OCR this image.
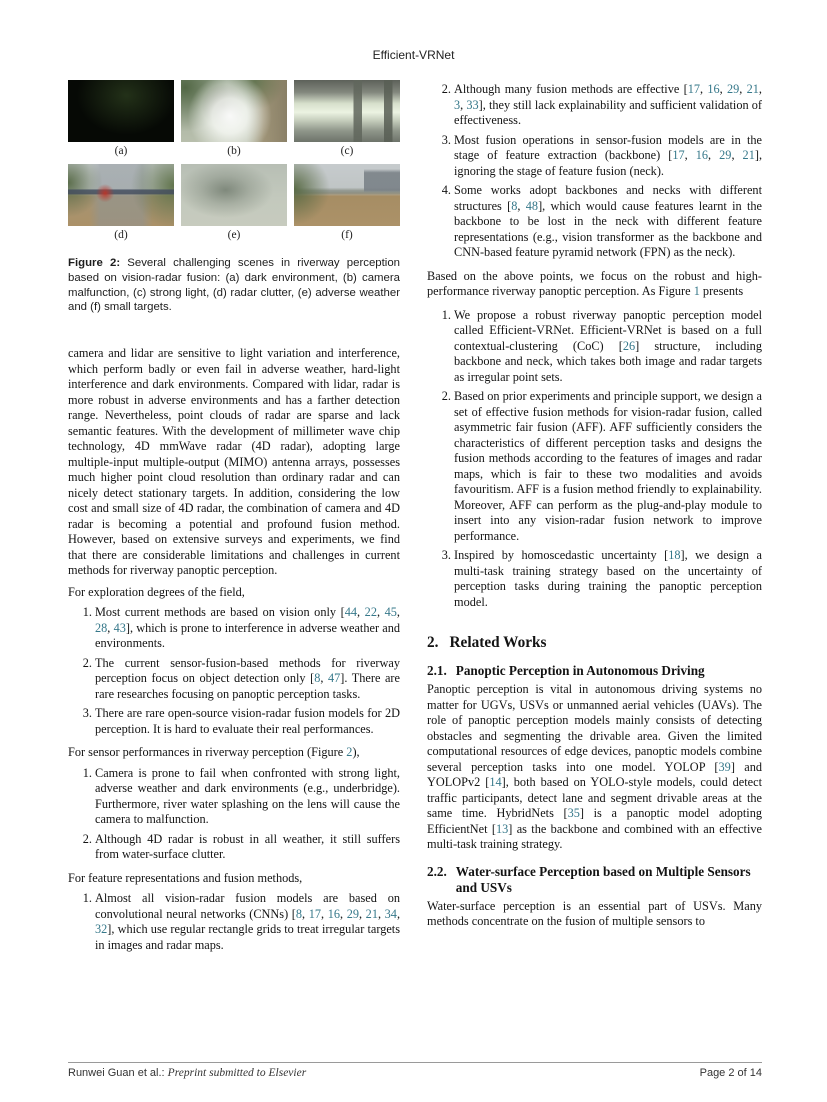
Efficient-VRNet
(a)	(b)	(c)
(d)	(e)	(f)
Figure 2: Several challenging scenes in riverway perception based on vision-radar fusion: (a) dark environment, (b) camera malfunction, (c) strong light, (d) radar clutter, (e) adverse weather and (f) small targets.

camera and lidar are sensitive to light variation and interference, which perform badly or even fail in adverse weather, hard-light interference and dark environments. Compared with lidar, radar is more robust in adverse environments and has a farther detection range. Nevertheless, point clouds of radar are sparse and lack semantic features. With the development of millimeter wave chip technology, 4D mmWave radar (4D radar), adopting large multiple-input multiple-output (MIMO) antenna arrays, possesses much higher point cloud resolution than ordinary radar and can nicely detect stationary targets. In addition, considering the low cost and small size of 4D radar, the combination of camera and 4D radar is becoming a potential and profound fusion method. However, based on extensive surveys and experiments, we find that there are considerable limitations and challenges in current methods for riverway panoptic perception.

For exploration degrees of the field,

1. Most current methods are based on vision only [44, 22, 45, 28, 43], which is prone to interference in adverse weather and environments.
2. The current sensor-fusion-based methods for riverway perception focus on object detection only [8, 47]. There are rare researches focusing on panoptic perception tasks.
3. There are rare open-source vision-radar fusion models for 2D perception. It is hard to evaluate their real performances.

For sensor performances in riverway perception (Figure 2),

1. Camera is prone to fail when confronted with strong light, adverse weather and dark environments (e.g., underbridge). Furthermore, river water splashing on the lens will cause the camera to malfunction.
2. Although 4D radar is robust in all weather, it still suffers from water-surface clutter.

For feature representations and fusion methods,

1. Almost all vision-radar fusion models are based on convolutional neural networks (CNNs) [8, 17, 16, 29, 21, 34, 32], which use regular rectangle grids to treat irregular targets in images and radar maps.
2. Although many fusion methods are effective [17, 16, 29, 21, 3, 33], they still lack explainability and sufficient validation of effectiveness.
3. Most fusion operations in sensor-fusion models are in the stage of feature extraction (backbone) [17, 16, 29, 21], ignoring the stage of feature fusion (neck).
4. Some works adopt backbones and necks with different structures [8, 48], which would cause features learnt in the backbone to be lost in the neck with different feature representations (e.g., vision transformer as the backbone and CNN-based feature pyramid network (FPN) as the neck).

Based on the above points, we focus on the robust and high-performance riverway panoptic perception. As Figure 1 presents

1. We propose a robust riverway panoptic perception model called Efficient-VRNet. Efficient-VRNet is based on a full contextual-clustering (CoC) [26] structure, including backbone and neck, which takes both image and radar targets as irregular point sets.
2. Based on prior experiments and principle support, we design a set of effective fusion methods for vision-radar fusion, called asymmetric fair fusion (AFF). AFF sufficiently considers the characteristics of different perception tasks and designs the fusion methods according to the features of images and radar maps, which is fair to these two modalities and avoids favouritism. AFF is a fusion method friendly to explainability. Moreover, AFF can perform as the plug-and-play module to insert into any vision-radar fusion network to improve performance.
3. Inspired by homoscedastic uncertainty [18], we design a multi-task training strategy based on the uncertainty of perception tasks during training the panoptic perception model.
2. Related Works
2.1. Panoptic Perception in Autonomous Driving

Panoptic perception is vital in autonomous driving systems no matter for UGVs, USVs or unmanned aerial vehicles (UAVs). The role of panoptic perception models mainly consists of detecting obstacles and segmenting the drivable area. Given the limited computational resources of edge devices, panoptic models combine several perception tasks into one model. YOLOP [39] and YOLOPv2 [14], both based on YOLO-style models, could detect traffic participants, detect lane and segment drivable areas at the same time. HybridNets [35] is a panoptic model adopting EfficientNet [13] as the backbone and combined with an effective multi-task training strategy.

2.2. Water-surface Perception based on Multiple Sensors and USVs

Water-surface perception is an essential part of USVs. Many methods concentrate on the fusion of multiple sensors to

Runwei Guan et al.: Preprint submitted to Elsevier	Page 2 of 14
